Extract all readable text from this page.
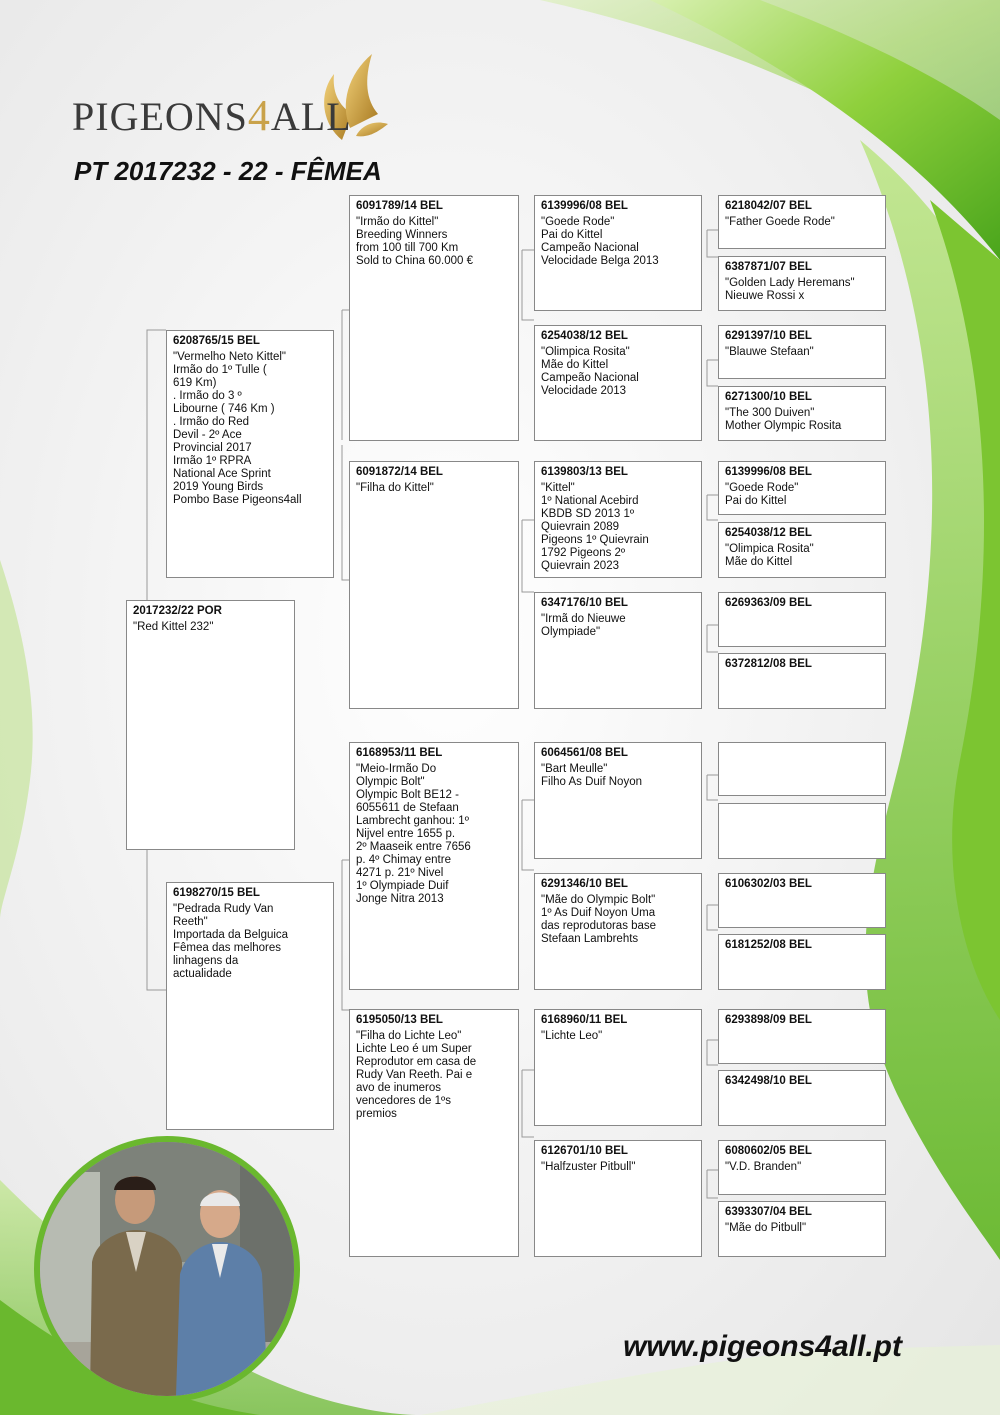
PIGEONS4ALL
PT 2017232 - 22 - FÊMEA
2017232/22 POR
"Red Kittel 232"
6208765/15 BEL
"Vermelho Neto Kittel"
Irmão do 1º Tulle (
619 Km)
. Irmão do 3 º
Libourne ( 746 Km )
. Irmão do Red
Devil - 2º Ace
Provincial 2017
Irmão 1º RPRA
National Ace Sprint
2019 Young Birds
Pombo Base Pigeons4all
6198270/15 BEL
"Pedrada Rudy Van
Reeth"
Importada da Belguica
Fêmea das melhores
linhagens da
actualidade
6091789/14 BEL
"Irmão do Kittel"
Breeding Winners
from 100 till 700 Km
Sold to China 60.000 €
6091872/14 BEL
"Filha do Kittel"
6168953/11 BEL
"Meio-Irmão Do
Olympic Bolt"
Olympic Bolt BE12 -
6055611 de Stefaan
Lambrecht ganhou: 1º
Nijvel entre 1655 p.
2º Maaseik entre 7656
p. 4º Chimay entre
4271 p. 21º Nivel
1º Olympiade Duif
Jonge Nitra 2013
6195050/13 BEL
"Filha do Lichte Leo"
Lichte Leo é um Super
Reprodutor em casa de
Rudy Van Reeth. Pai e
avo de inumeros
vencedores de 1ºs
premios
6139996/08 BEL
"Goede Rode"
Pai do Kittel
Campeão Nacional
Velocidade Belga 2013
6254038/12 BEL
"Olimpica Rosita"
Mãe do Kittel
Campeão Nacional
Velocidade 2013
6139803/13 BEL
"Kittel"
1º National Acebird
KBDB SD 2013 1º
Quievrain 2089
Pigeons 1º Quievrain
1792 Pigeons 2º
Quievrain 2023
6347176/10 BEL
"Irmã do Nieuwe
Olympiade"
6064561/08 BEL
"Bart Meulle"
Filho As Duif Noyon
6291346/10 BEL
"Mãe do Olympic Bolt"
1º As Duif Noyon Uma
das reprodutoras base
Stefaan Lambrehts
6168960/11 BEL
"Lichte Leo"
6126701/10 BEL
"Halfzuster Pitbull"
6218042/07 BEL
"Father Goede Rode"
6387871/07 BEL
"Golden Lady Heremans"
Nieuwe Rossi x
6291397/10 BEL
"Blauwe Stefaan"
6271300/10 BEL
"The 300 Duiven"
Mother Olympic Rosita
6139996/08 BEL
"Goede Rode"
Pai do Kittel
6254038/12 BEL
"Olimpica Rosita"
Mãe do Kittel
6269363/09 BEL
6372812/08 BEL
6106302/03 BEL
6181252/08 BEL
6293898/09 BEL
6342498/10 BEL
6080602/05 BEL
"V.D. Branden"
6393307/04 BEL
"Mãe do Pitbull"

www.pigeons4all.pt
